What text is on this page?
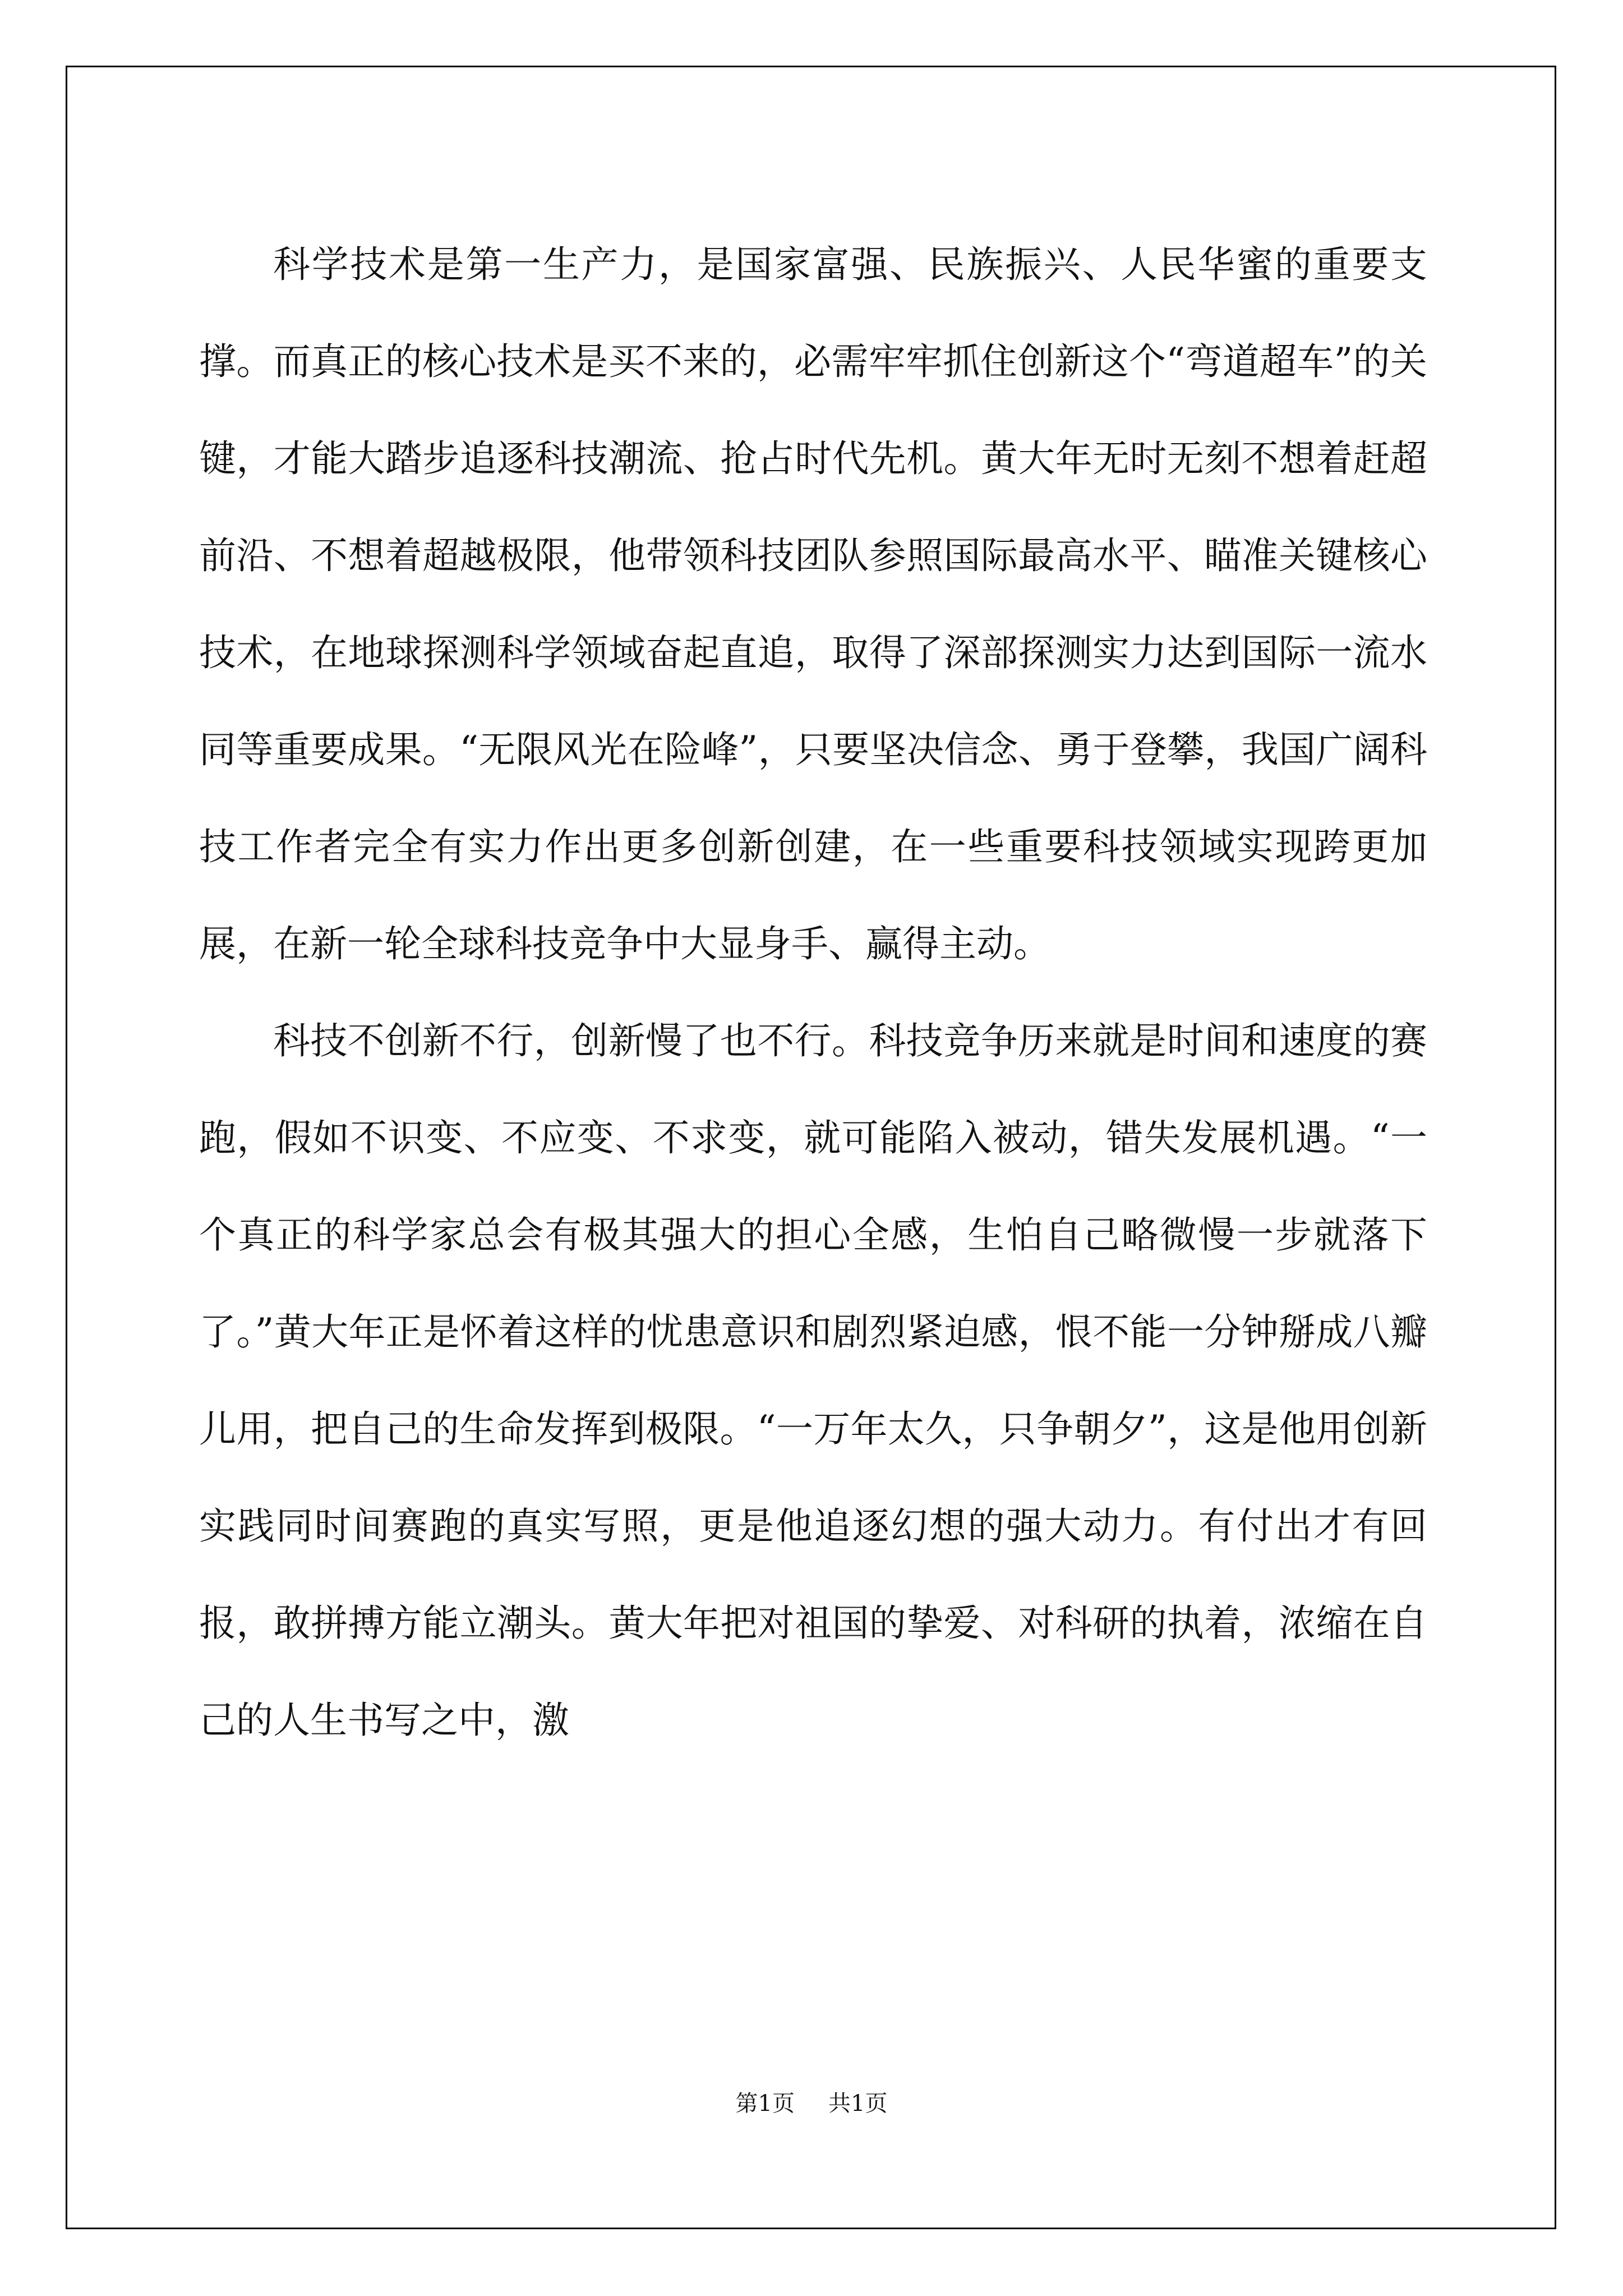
科学技术是第一生产力，是国家富强、民族振兴、人民华蜜的重要支撑。而真正的核心技术是买不来的，必需牢牢抓住创新这个“弯道超车”的关键，才能大踏步追逐科技潮流、抢占时代先机。黄大年无时无刻不想着赶超前沿、不想着超越极限，他带领科技团队参照国际最高水平、瞄准关键核心技术，在地球探测科学领域奋起直追，取得了深部探测实力达到国际一流水同等重要成果。“无限风光在险峰”，只要坚决信念、勇于登攀，我国广阔科技工作者完全有实力作出更多创新创建，在一些重要科技领域实现跨更加展，在新一轮全球科技竞争中大显身手、赢得主动。

科技不创新不行，创新慢了也不行。科技竞争历来就是时间和速度的赛跑，假如不识变、不应变、不求变，就可能陷入被动，错失发展机遇。“一个真正的科学家总会有极其强大的担心全感，生怕自己略微慢一步就落下了。”黄大年正是怀着这样的忧患意识和剧烈紧迫感，恨不能一分钟掰成八瓣儿用，把自己的生命发挥到极限。“一万年太久，只争朝夕”，这是他用创新实践同时间赛跑的真实写照，更是他追逐幻想的强大动力。有付出才有回报，敢拼搏方能立潮头。黄大年把对祖国的挚爱、对科研的执着，浓缩在自己的人生书写之中，激

第1页 共1页
